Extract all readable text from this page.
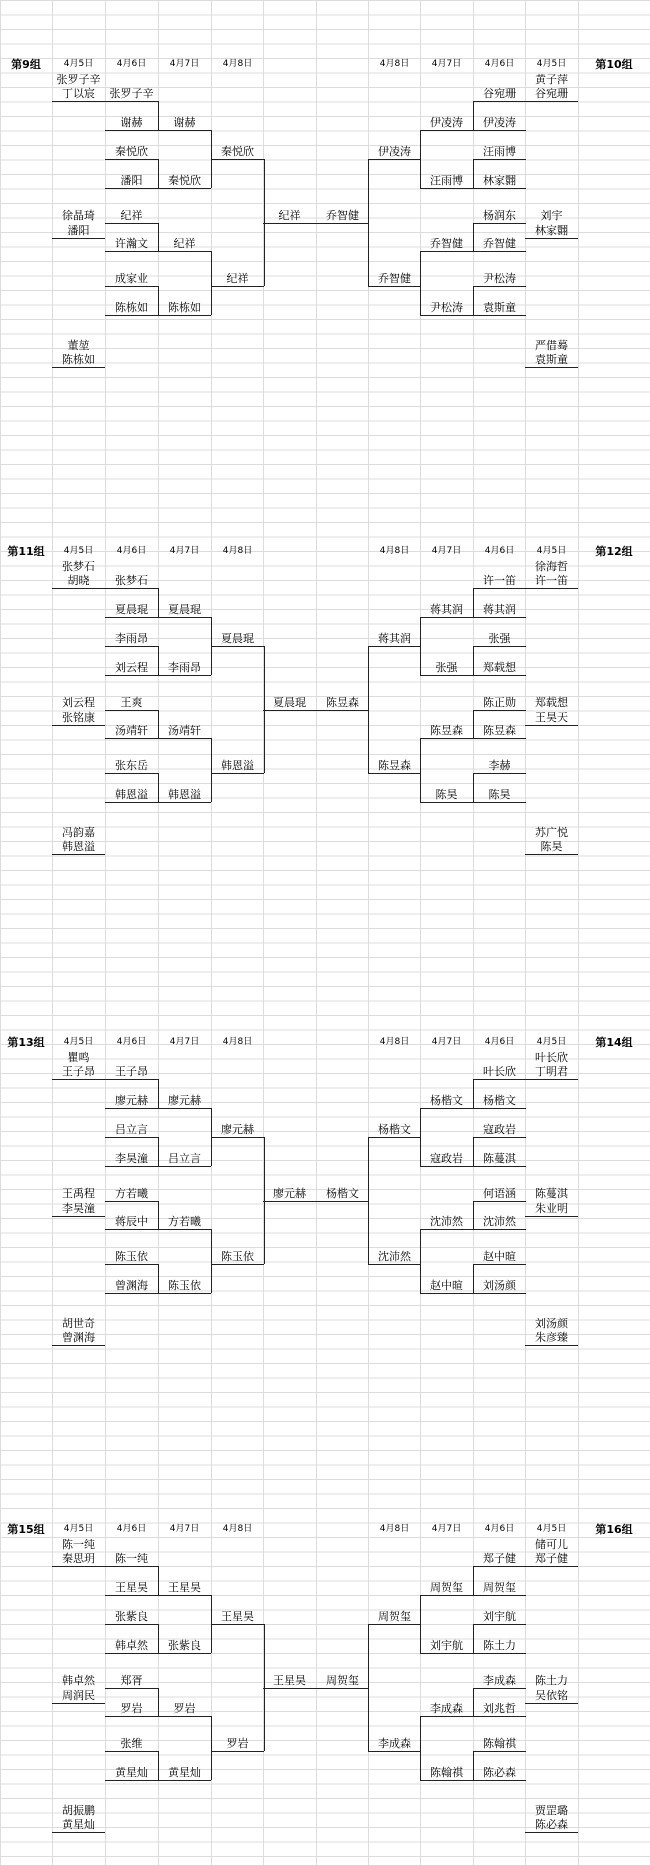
第9组	第10组
4月5日	4月6日	4月7日	4月8日	4月8日	4月7日	4月6日	4月5日
张罗子辛
丁以宸
徐晶琦
潘阳
董堃
陈栋如
张罗子辛
谢赫
秦悦欣
潘阳
纪祥
许瀚文
成家业
陈栋如
谢赫
秦悦欣
纪祥
陈栋如
秦悦欣
纪祥
纪祥
黄子萍
谷宛珊
刘宇
林家翾
严借蓦
袁斯童
谷宛珊
伊凌涛
汪雨博
林家翾
杨润东
乔智健
尹松涛
袁斯童
伊凌涛
汪雨博
乔智健
尹松涛
伊凌涛
乔智健
乔智健
第11组	第12组
4月5日	4月6日	4月7日	4月8日	4月8日	4月7日	4月6日	4月5日
张梦石
胡晓
刘云程
张铭康
冯韵嘉
韩恩溢
张梦石
夏晨琨
李雨昂
刘云程
王爽
汤靖轩
张东岳
韩恩溢
夏晨琨
李雨昂
汤靖轩
韩恩溢
夏晨琨
韩恩溢
夏晨琨
徐海哲
许一笛
郑载想
王昊天
苏广悦
陈昊
许一笛
蒋其润
张强
郑载想
陈正勋
陈昱森
李赫
陈昊
蒋其润
张强
陈昱森
陈昊
蒋其润
陈昱森
陈昱森
第13组	第14组
4月5日	4月6日	4月7日	4月8日	4月8日	4月7日	4月6日	4月5日
瞿鸣
王子昂
王禹程
李昊潼
胡世奇
曾渊海
王子昂
廖元赫
吕立言
李昊潼
方若曦
蒋辰中
陈玉依
曾渊海
廖元赫
吕立言
方若曦
陈玉依
廖元赫
陈玉依
廖元赫
叶长欣
丁明君
陈蔓淇
朱业明
刘汤颜
朱彦臻
叶长欣
杨楷文
寇政岩
陈蔓淇
何语涵
沈沛然
赵中暄
刘汤颜
杨楷文
寇政岩
沈沛然
赵中暄
杨楷文
沈沛然
杨楷文
第15组	第16组
4月5日	4月6日	4月7日	4月8日	4月8日	4月7日	4月6日	4月5日
陈一纯
秦思玥
韩卓然
周润民
胡振鹏
黄星灿
陈一纯
王星昊
张紫良
韩卓然
郑胥
罗岩
张维
黄星灿
王星昊
张紫良
罗岩
黄星灿
王星昊
罗岩
王星昊
储可儿
郑子健
陈土力
吴依铭
贾罡璐
陈必森
郑子健
周贺玺
刘宇航
陈土力
李成森
刘兆哲
陈翰祺
陈必森
周贺玺
刘宇航
李成森
陈翰祺
周贺玺
李成森
周贺玺
